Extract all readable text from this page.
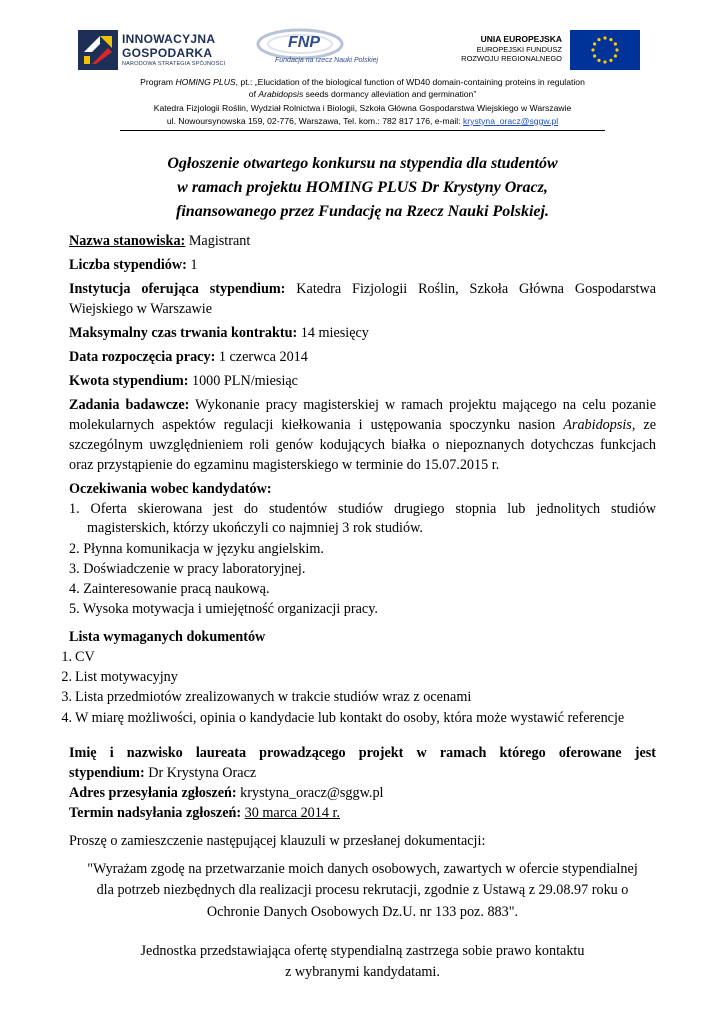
INNOWACYJNA
GOSPODARKA
NARODOWA STRATEGIA SPÓJNOŚCI
FNP
Fundacja na rzecz Nauki Polskiej
UNIA EUROPEJSKA
EUROPEJSKI FUNDUSZ
ROZWOJU REGIONALNEGO
Program HOMING PLUS, pt.: „Elucidation of the biological function of WD40 domain-containing proteins in regulation
of Arabidopsis seeds dormancy alleviation and germination”
Katedra Fizjologii Roślin, Wydział Rolnictwa i Biologii, Szkoła Główna Gospodarstwa Wiejskiego w Warszawie
ul. Nowoursynowska 159, 02-776, Warszawa, Tel. kom.: 782 817 176, e-mail: krystyna_oracz@sggw.pl
Ogłoszenie otwartego konkursu na stypendia dla studentów
w ramach projektu HOMING PLUS Dr Krystyny Oracz,
finansowanego przez Fundację na Rzecz Nauki Polskiej.
Nazwa stanowiska: Magistrant
Liczba stypendiów: 1
Instytucja oferująca stypendium: Katedra Fizjologii Roślin, Szkoła Główna Gospodarstwa
Wiejskiego w Warszawie
Maksymalny czas trwania kontraktu: 14 miesięcy
Data rozpoczęcia pracy: 1 czerwca 2014
Kwota stypendium: 1000 PLN/miesiąc
Zadania badawcze: Wykonanie pracy magisterskiej w ramach projektu mającego na celu pozanie
molekularnych aspektów regulacji kiełkowania i ustępowania spoczynku nasion Arabidopsis, ze
szczególnym uwzględnieniem roli genów kodujących białka o niepoznanych dotychczas funkcjach
oraz przystąpienie do egzaminu magisterskiego w terminie do 15.07.2015 r.
Oczekiwania wobec kandydatów:
1. Oferta skierowana jest do studentów studiów drugiego stopnia lub jednolitych studiów
magisterskich, którzy ukończyli co najmniej 3 rok studiów.
2. Płynna komunikacja w języku angielskim.
3. Doświadczenie w pracy laboratoryjnej.
4. Zainteresowanie pracą naukową.
5. Wysoka motywacja i umiejętność organizacji pracy.
Lista wymaganych dokumentów
1. CV
2. List motywacyjny
3. Lista przedmiotów zrealizowanych w trakcie studiów wraz z ocenami
4. W miarę możliwości, opinia o kandydacie lub kontakt do osoby, która może wystawić referencje
Imię i nazwisko laureata prowadzącego projekt w ramach którego oferowane jest
stypendium: Dr Krystyna Oracz
Adres przesyłania zgłoszeń: krystyna_oracz@sggw.pl
Termin nadsyłania zgłoszeń: 30 marca 2014 r.
Proszę o zamieszczenie następującej klauzuli w przesłanej dokumentacji:
"Wyrażam zgodę na przetwarzanie moich danych osobowych, zawartych w ofercie stypendialnej
dla potrzeb niezbędnych dla realizacji procesu rekrutacji, zgodnie z Ustawą z 29.08.97 roku o
Ochronie Danych Osobowych Dz.U. nr 133 poz. 883".
Jednostka przedstawiająca ofertę stypendialną zastrzega sobie prawo kontaktu
z wybranymi kandydatami.
